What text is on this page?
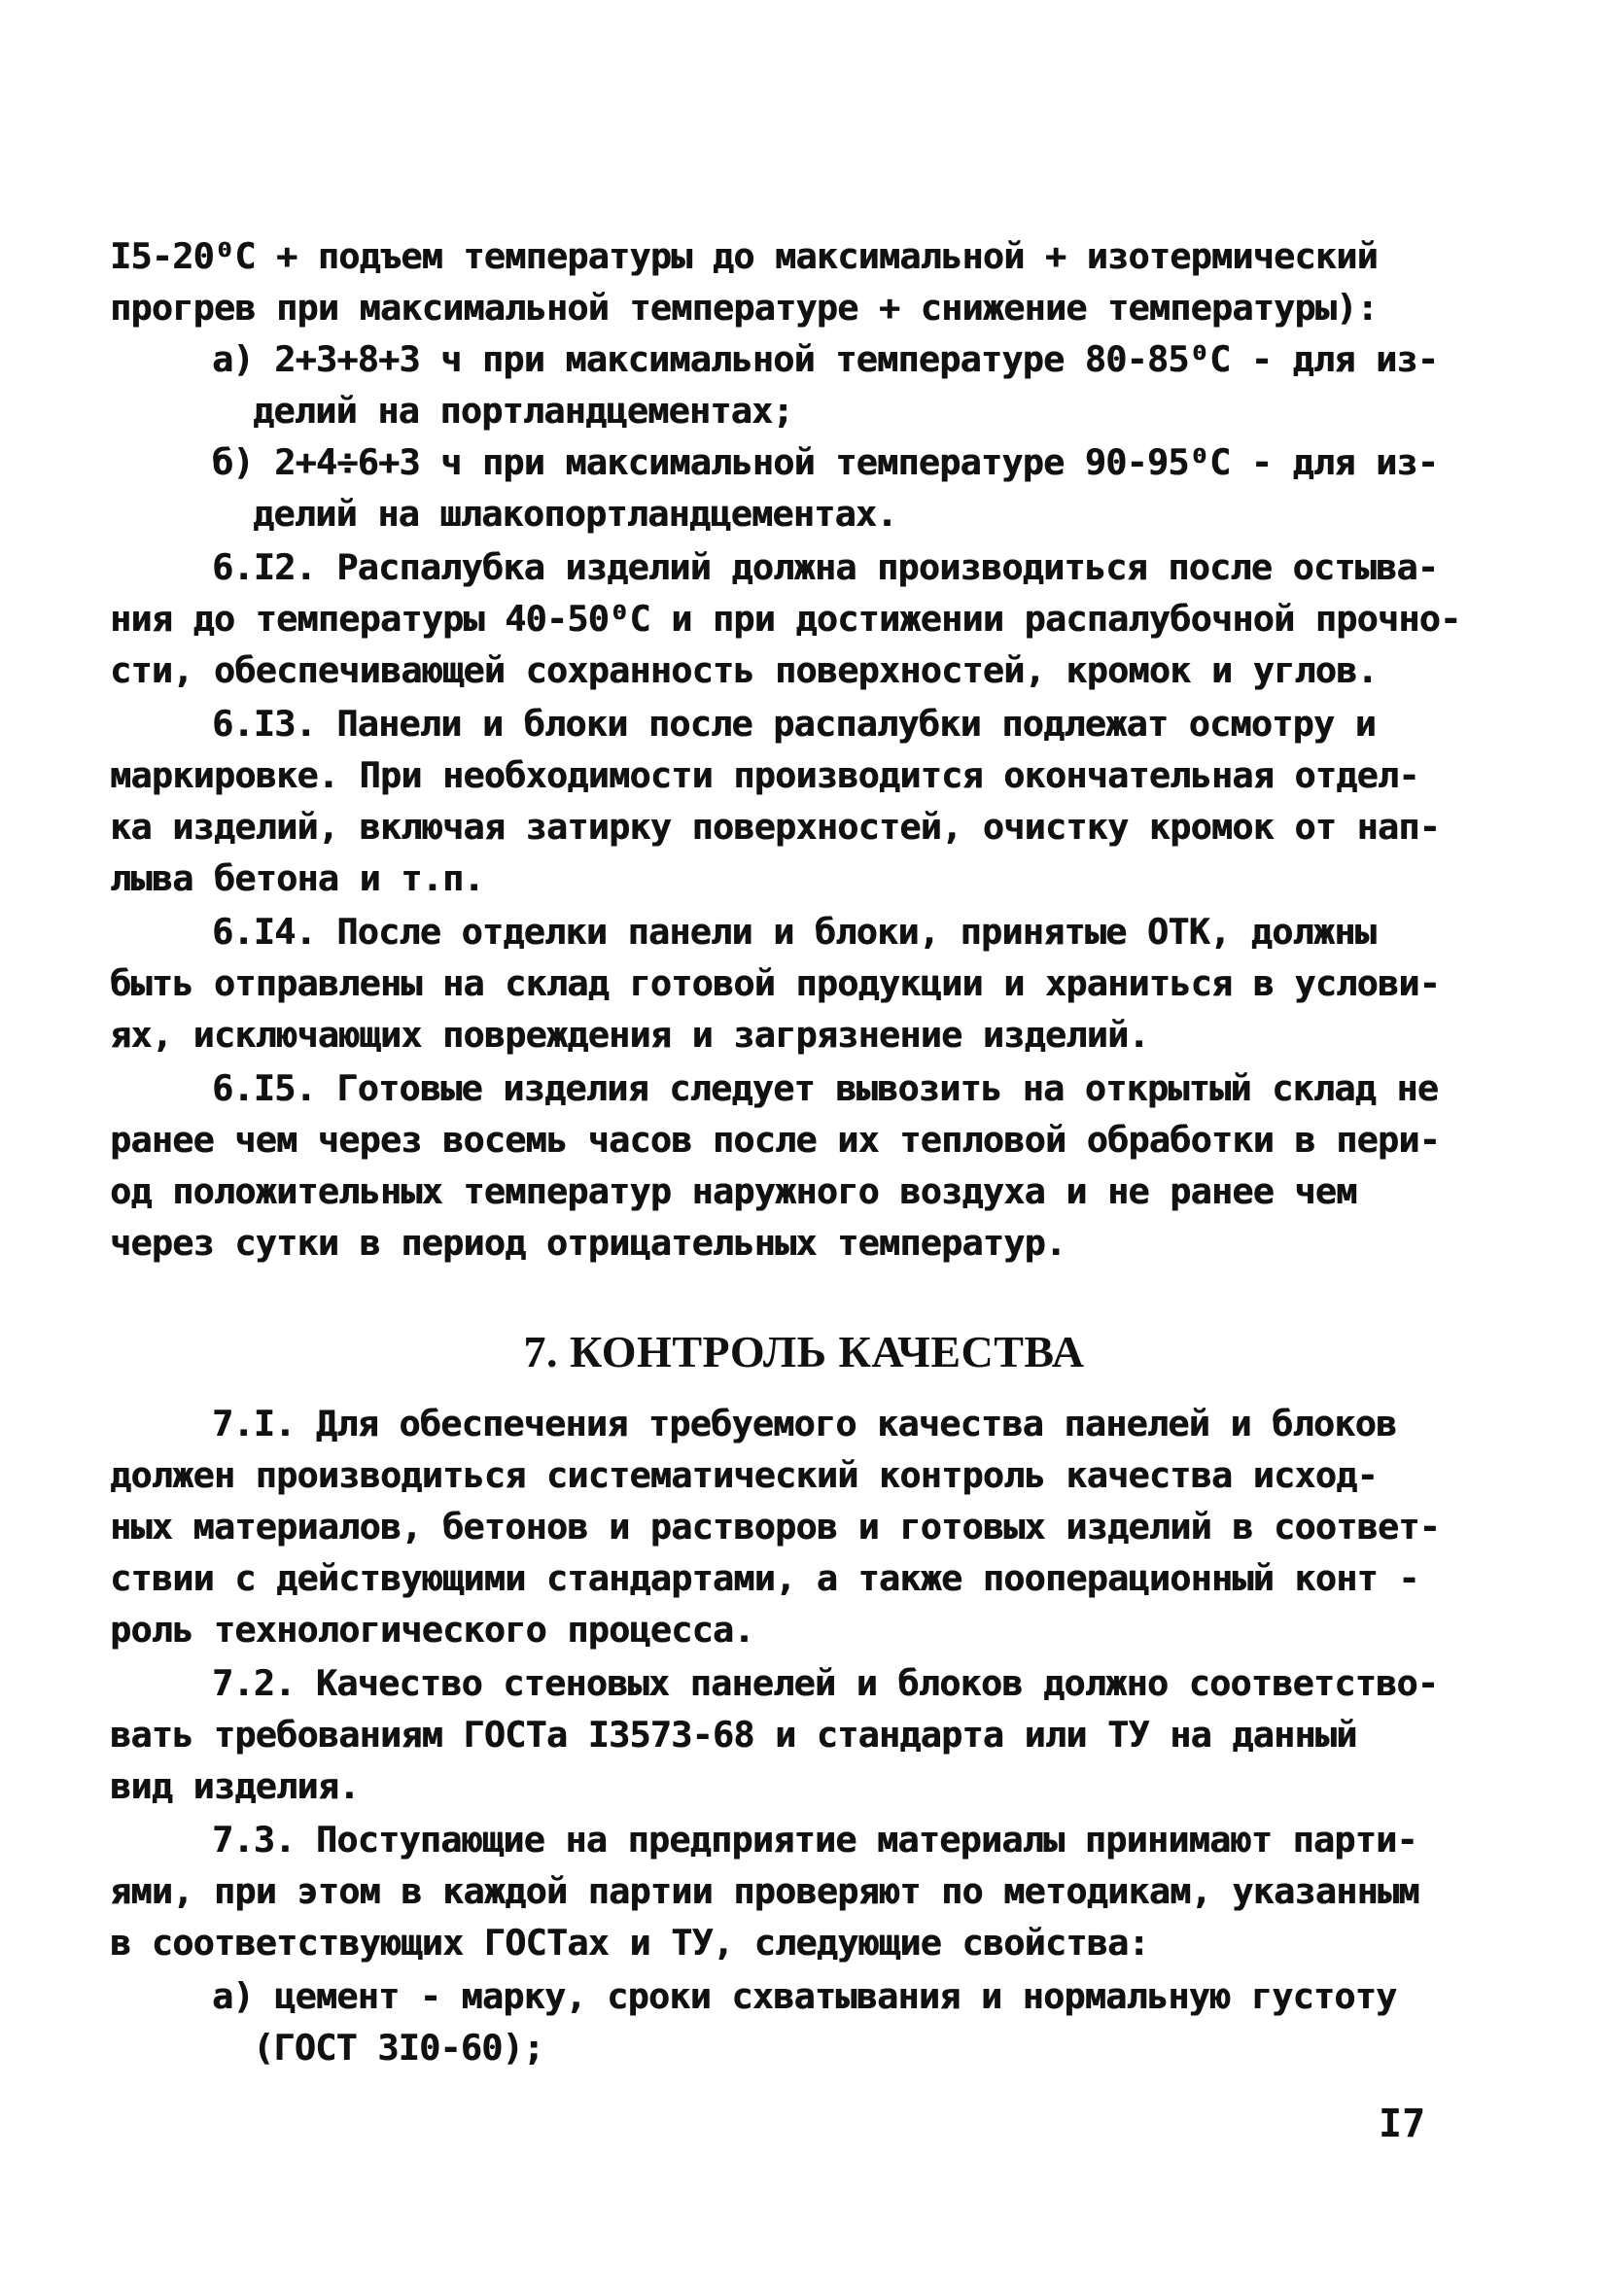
I5-20⁰С + подъем температуры до максимальной + изотермический

прогрев при максимальной температуре + снижение температуры):

а) 2+3+8+3 ч при максимальной температуре 80-85⁰С - для из-

делий на портландцементах;

б) 2+4÷6+3 ч при максимальной температуре 90-95⁰С - для из-

делий на шлакопортландцементах.

6.I2. Распалубка изделий должна производиться после остыва-

ния до температуры 40-50⁰С и при достижении распалубочной прочно-

сти, обеспечивающей сохранность поверхностей, кромок и углов.

6.I3. Панели и блоки после распалубки подлежат осмотру и

маркировке. При необходимости производится окончательная отдел-

ка изделий, включая затирку поверхностей, очистку кромок от нап-

лыва бетона и т.п.

6.I4. После отделки панели и блоки, принятые ОТК, должны

быть отправлены на склад готовой продукции и храниться в услови-

ях, исключающих повреждения и загрязнение изделий.

6.I5. Готовые изделия следует вывозить на открытый склад не

ранее чем через восемь часов после их тепловой обработки в пери-

од положительных температур наружного воздуха и не ранее чем

через сутки в период отрицательных температур.

7. КОНТРОЛЬ КАЧЕСТВА

7.I. Для обеспечения требуемого качества панелей и блоков

должен производиться систематический контроль качества исход-

ных материалов, бетонов и растворов и готовых изделий в соответ-

ствии с действующими стандартами, а также пооперационный конт -

роль технологического процесса.

7.2. Качество стеновых панелей и блоков должно соответство-

вать требованиям ГОСТа I3573-68 и стандарта или ТУ на данный

вид изделия.

7.3. Поступающие на предприятие материалы принимают парти-

ями, при этом в каждой партии проверяют по методикам, указанным

в соответствующих ГОСТах и ТУ, следующие свойства:

а) цемент - марку, сроки схватывания и нормальную густоту

(ГОСТ 3I0-60);

I7
